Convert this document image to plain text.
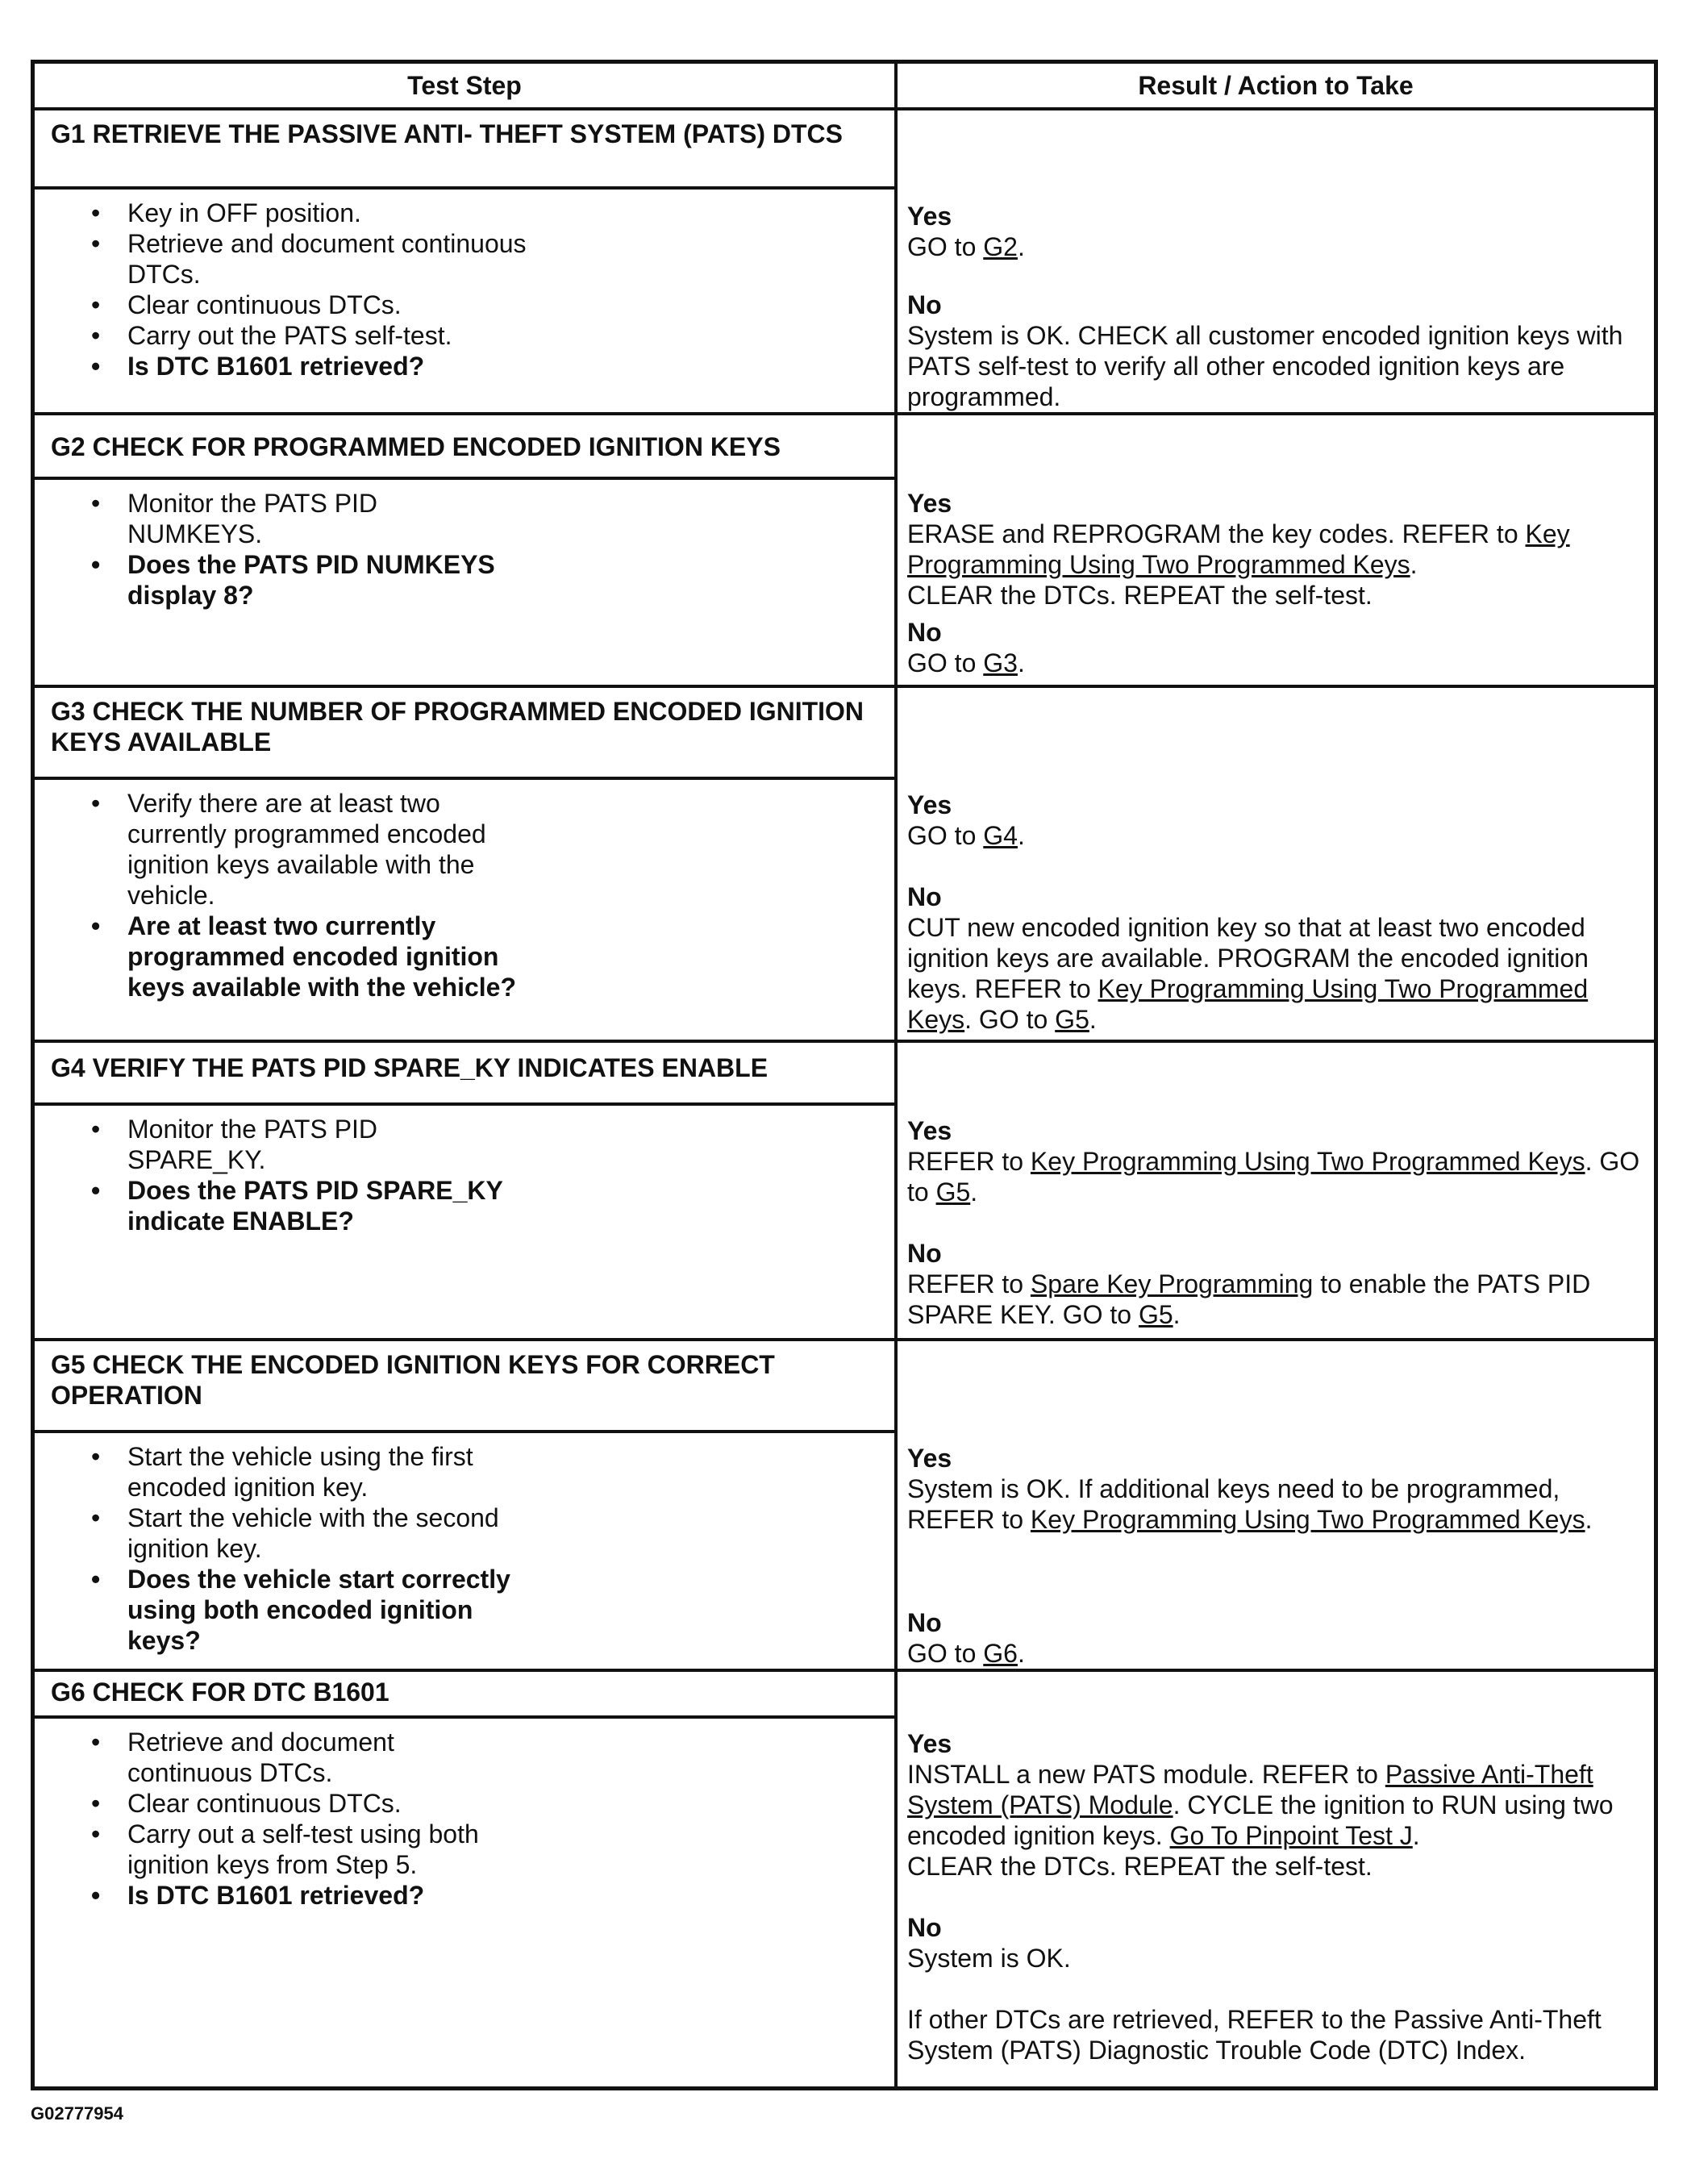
Test Step	Result / Action to Take
G1 RETRIEVE THE PASSIVE ANTI- THEFT SYSTEM (PATS) DTCS
• Key in OFF position.
• Retrieve and document continuous DTCs.
• Clear continuous DTCs.
• Carry out the PATS self-test.
• Is DTC B1601 retrieved?
Yes
GO to G2.
No
System is OK. CHECK all customer encoded ignition keys with PATS self-test to verify all other encoded ignition keys are programmed.
G2 CHECK FOR PROGRAMMED ENCODED IGNITION KEYS
• Monitor the PATS PID NUMKEYS.
• Does the PATS PID NUMKEYS display 8?
Yes
ERASE and REPROGRAM the key codes. REFER to Key Programming Using Two Programmed Keys.
CLEAR the DTCs. REPEAT the self-test.
No
GO to G3.
G3 CHECK THE NUMBER OF PROGRAMMED ENCODED IGNITION KEYS AVAILABLE
• Verify there are at least two currently programmed encoded ignition keys available with the vehicle.
• Are at least two currently programmed encoded ignition keys available with the vehicle?
Yes
GO to G4.
No
CUT new encoded ignition key so that at least two encoded ignition keys are available. PROGRAM the encoded ignition keys. REFER to Key Programming Using Two Programmed Keys. GO to G5.
G4 VERIFY THE PATS PID SPARE_KY INDICATES ENABLE
• Monitor the PATS PID SPARE_KY.
• Does the PATS PID SPARE_KY indicate ENABLE?
Yes
REFER to Key Programming Using Two Programmed Keys. GO to G5.
No
REFER to Spare Key Programming to enable the PATS PID SPARE KEY. GO to G5.
G5 CHECK THE ENCODED IGNITION KEYS FOR CORRECT OPERATION
• Start the vehicle using the first encoded ignition key.
• Start the vehicle with the second ignition key.
• Does the vehicle start correctly using both encoded ignition keys?
Yes
System is OK. If additional keys need to be programmed, REFER to Key Programming Using Two Programmed Keys.
No
GO to G6.
G6 CHECK FOR DTC B1601
• Retrieve and document continuous DTCs.
• Clear continuous DTCs.
• Carry out a self-test using both ignition keys from Step 5.
• Is DTC B1601 retrieved?
Yes
INSTALL a new PATS module. REFER to Passive Anti-Theft System (PATS) Module. CYCLE the ignition to RUN using two encoded ignition keys. Go To Pinpoint Test J.
CLEAR the DTCs. REPEAT the self-test.
No
System is OK.
If other DTCs are retrieved, REFER to the Passive Anti-Theft System (PATS) Diagnostic Trouble Code (DTC) Index.
G02777954
